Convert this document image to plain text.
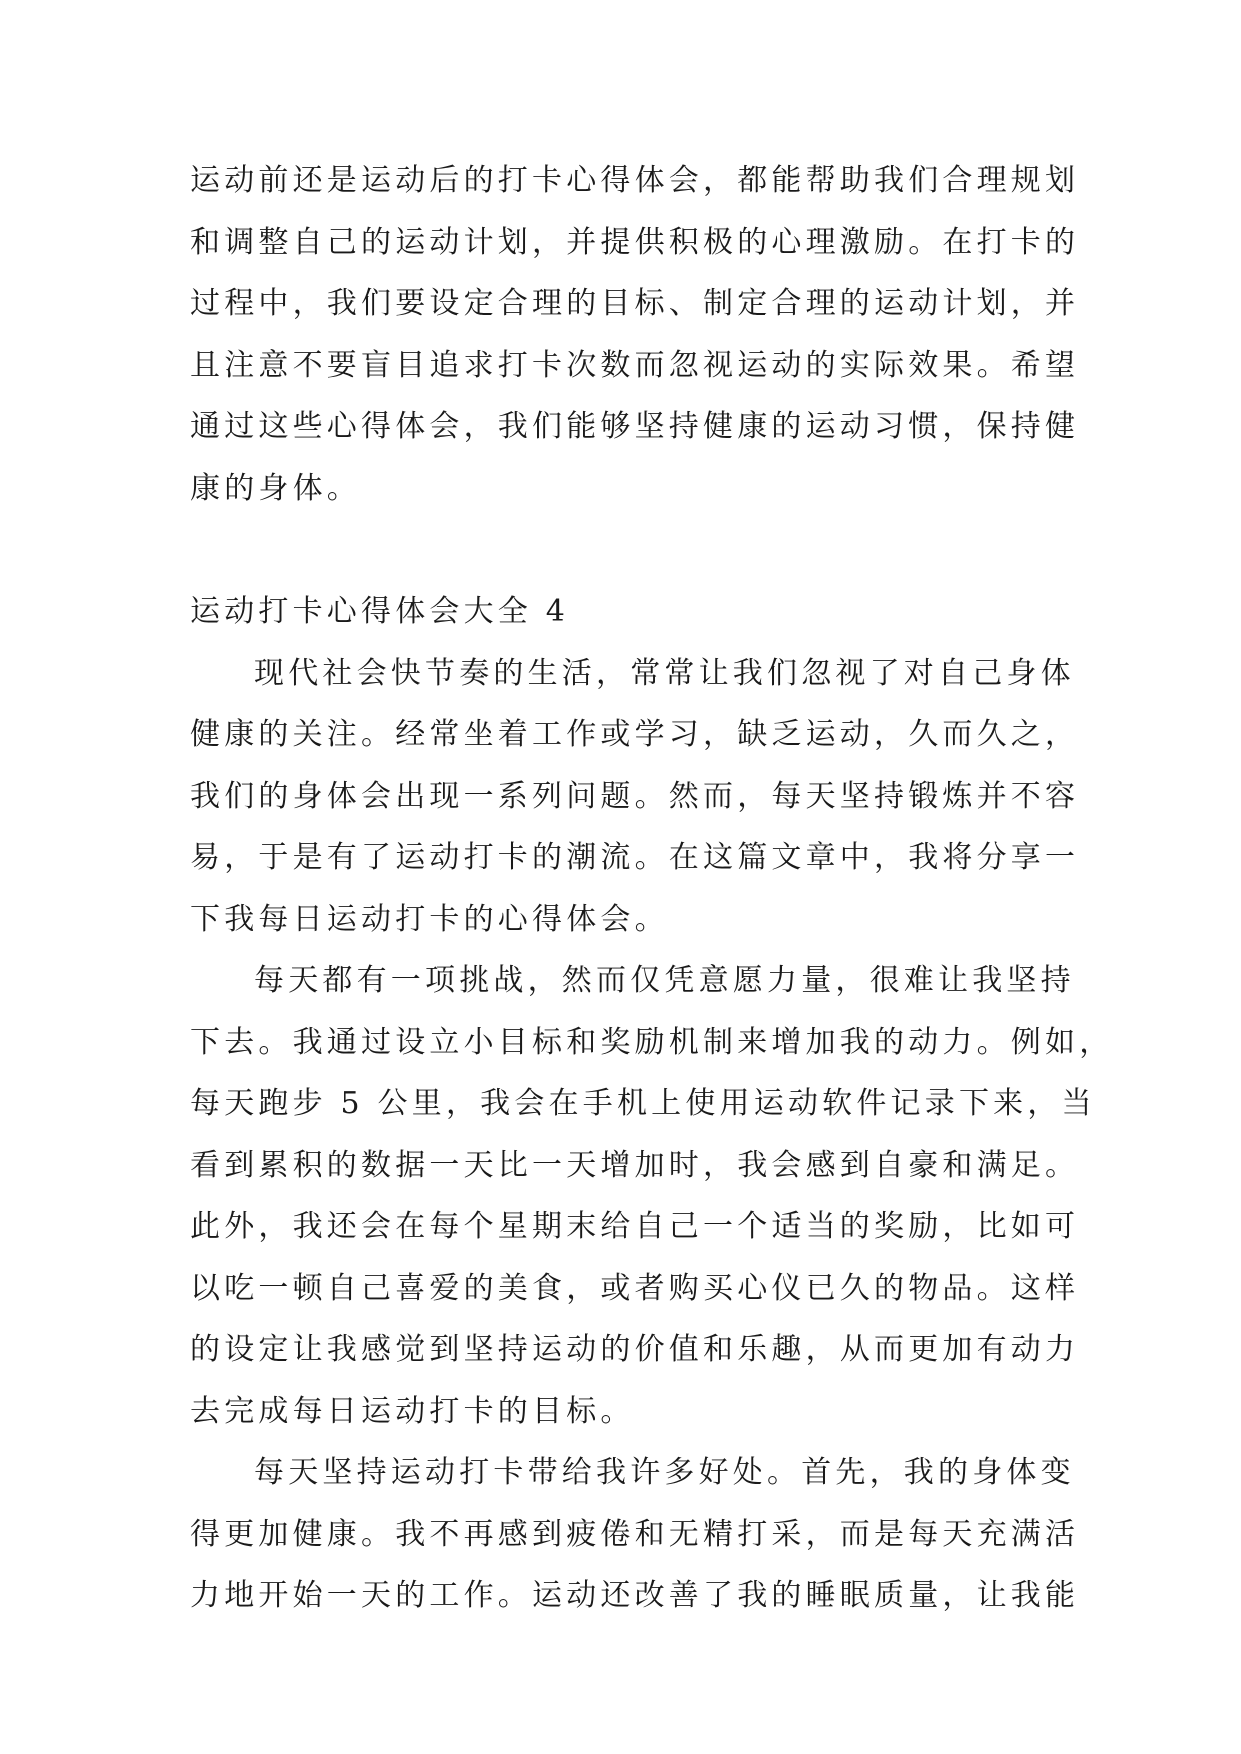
运动前还是运动后的打卡心得体会，都能帮助我们合理规划
和调整自己的运动计划，并提供积极的心理激励。在打卡的
过程中，我们要设定合理的目标、制定合理的运动计划，并
且注意不要盲目追求打卡次数而忽视运动的实际效果。希望
通过这些心得体会，我们能够坚持健康的运动习惯，保持健
康的身体。
运动打卡心得体会大全 4
现代社会快节奏的生活，常常让我们忽视了对自己身体
健康的关注。经常坐着工作或学习，缺乏运动，久而久之，
我们的身体会出现一系列问题。然而，每天坚持锻炼并不容
易，于是有了运动打卡的潮流。在这篇文章中，我将分享一
下我每日运动打卡的心得体会。
每天都有一项挑战，然而仅凭意愿力量，很难让我坚持
下去。我通过设立小目标和奖励机制来增加我的动力。例如，
每天跑步 5 公里，我会在手机上使用运动软件记录下来，当
看到累积的数据一天比一天增加时，我会感到自豪和满足。
此外，我还会在每个星期末给自己一个适当的奖励，比如可
以吃一顿自己喜爱的美食，或者购买心仪已久的物品。这样
的设定让我感觉到坚持运动的价值和乐趣，从而更加有动力
去完成每日运动打卡的目标。
每天坚持运动打卡带给我许多好处。首先，我的身体变
得更加健康。我不再感到疲倦和无精打采，而是每天充满活
力地开始一天的工作。运动还改善了我的睡眠质量，让我能
